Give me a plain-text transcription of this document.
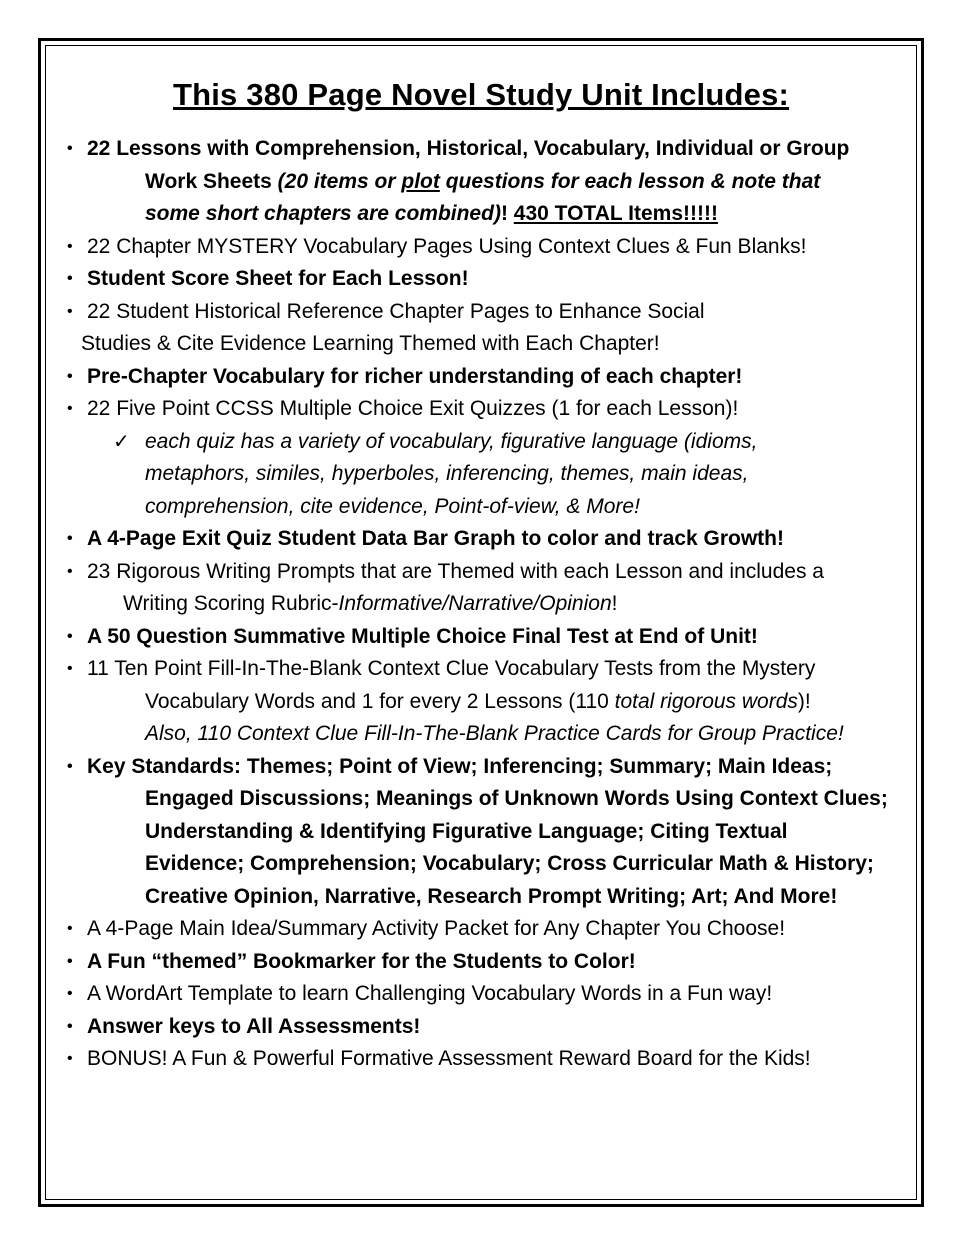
This 380 Page Novel Study Unit Includes:
• 22 Lessons with Comprehension, Historical, Vocabulary, Individual or Group
Work Sheets (20 items or plot questions for each lesson & note that
some short chapters are combined)! 430 TOTAL Items!!!!!
• 22 Chapter MYSTERY Vocabulary Pages Using Context Clues & Fun Blanks!
• Student Score Sheet for Each Lesson!
• 22 Student Historical Reference Chapter Pages to Enhance Social
Studies & Cite Evidence Learning Themed with Each Chapter!
• Pre-Chapter Vocabulary for richer understanding of each chapter!
• 22 Five Point CCSS Multiple Choice Exit Quizzes (1 for each Lesson)!
✓ each quiz has a variety of vocabulary, figurative language (idioms,
metaphors, similes, hyperboles, inferencing, themes, main ideas,
comprehension, cite evidence, Point-of-view, & More!
• A 4-Page Exit Quiz Student Data Bar Graph to color and track Growth!
• 23 Rigorous Writing Prompts that are Themed with each Lesson and includes a
Writing Scoring Rubric-Informative/Narrative/Opinion!
• A 50 Question Summative Multiple Choice Final Test at End of Unit!
• 11 Ten Point Fill-In-The-Blank Context Clue Vocabulary Tests from the Mystery
Vocabulary Words and 1 for every 2 Lessons (110 total rigorous words)!
Also, 110 Context Clue Fill-In-The-Blank Practice Cards for Group Practice!
• Key Standards: Themes; Point of View; Inferencing; Summary; Main Ideas;
Engaged Discussions; Meanings of Unknown Words Using Context Clues;
Understanding & Identifying Figurative Language; Citing Textual
Evidence; Comprehension; Vocabulary; Cross Curricular Math & History;
Creative Opinion, Narrative, Research Prompt Writing; Art; And More!
• A 4-Page Main Idea/Summary Activity Packet for Any Chapter You Choose!
• A Fun “themed” Bookmarker for the Students to Color!
• A WordArt Template to learn Challenging Vocabulary Words in a Fun way!
• Answer keys to All Assessments!
• BONUS! A Fun & Powerful Formative Assessment Reward Board for the Kids!
